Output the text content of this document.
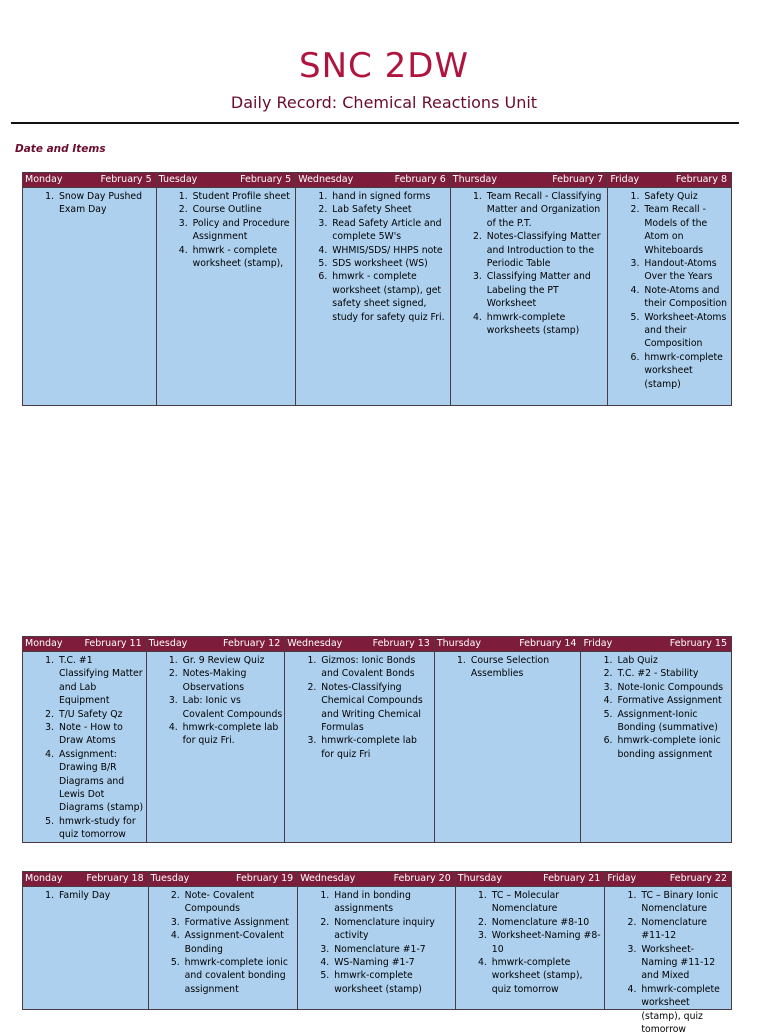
SNC 2DW
Daily Record: Chemical Reactions Unit
Date and Items
Monday	February 5
1. Snow Day Pushed Exam Day
Tuesday	February 5
1. Student Profile sheet
2. Course Outline
3. Policy and Procedure Assignment
4. hmwrk - complete worksheet (stamp),
Wednesday	February 6
1. hand in signed forms
2. Lab Safety Sheet
3. Read Safety Article and complete 5W's
4. WHMIS/SDS/ HHPS note
5. SDS worksheet (WS)
6. hmwrk - complete worksheet (stamp), get safety sheet signed, study for safety quiz Fri.
Thursday	February 7
1. Team Recall - Classifying Matter and Organization of the P.T.
2. Notes-Classifying Matter and Introduction to the Periodic Table
3. Classifying Matter and Labeling the PT Worksheet
4. hmwrk-complete worksheets (stamp)
Friday	February 8
1. Safety Quiz
2. Team Recall - Models of the Atom on Whiteboards
3. Handout-Atoms Over the Years
4. Note-Atoms and their Composition
5. Worksheet-Atoms and their Composition
6. hmwrk-complete worksheet (stamp)
Monday February 11
1. T.C. #1 Classifying Matter and Lab Equipment
2. T/U Safety Qz
3. Note - How to Draw Atoms
4. Assignment: Drawing B/R Diagrams and Lewis Dot Diagrams (stamp)
5. hmwrk-study for quiz tomorrow
Tuesday	February 12
1. Gr. 9 Review Quiz
2. Notes-Making Observations
3. Lab: Ionic vs Covalent Compounds
4. hmwrk-complete lab for quiz Fri.
Wednesday	February 13
1. Gizmos: Ionic Bonds and Covalent Bonds
2. Notes-Classifying Chemical Compounds and Writing Chemical Formulas
3. hmwrk-complete lab for quiz Fri
Thursday	February 14
1. Course Selection Assemblies
Friday	February 15
1. Lab Quiz
2. T.C. #2 - Stability
3. Note-Ionic Compounds
4. Formative Assignment
5. Assignment-Ionic Bonding (summative)
6. hmwrk-complete ionic bonding assignment
Monday	February 18
1. Family Day
Tuesday	February 19
2. Note- Covalent Compounds
3. Formative Assignment
4. Assignment-Covalent Bonding
5. hmwrk-complete ionic and covalent bonding assignment
Wednesday	February 20
1. Hand in bonding assignments
2. Nomenclature inquiry activity
3. Nomenclature #1-7
4. WS-Naming #1-7
5. hmwrk-complete worksheet (stamp)
Thursday	February 21
1. TC – Molecular Nomenclature
2. Nomenclature #8-10
3. Worksheet-Naming #8-10
4. hmwrk-complete worksheet (stamp), quiz tomorrow
Friday	February 22
1. TC – Binary Ionic Nomenclature
2. Nomenclature #11-12
3. Worksheet-Naming #11-12 and Mixed
4. hmwrk-complete worksheet (stamp), quiz tomorrow
